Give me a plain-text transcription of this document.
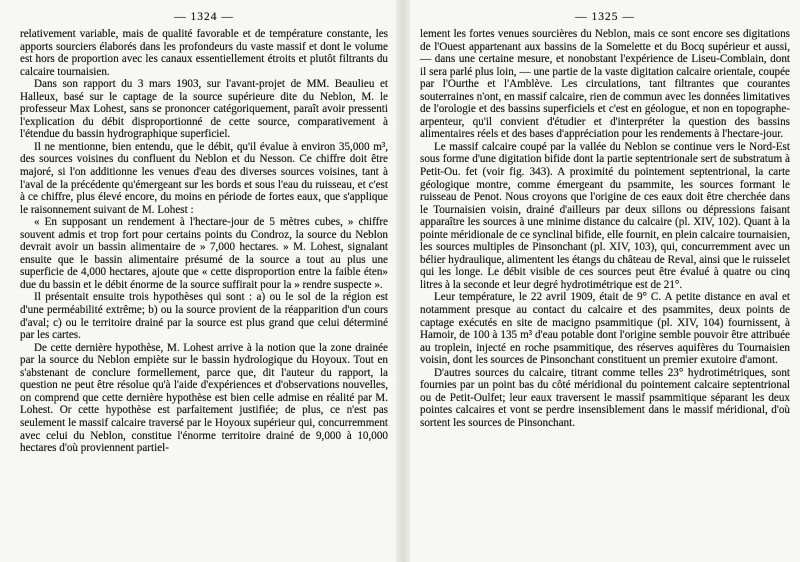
— 1324 —

relativement variable, mais de qualité favorable et de température constante, les apports sourciers élaborés dans les profondeurs du vaste massif et dont le volume est hors de proportion avec les canaux essentiellement étroits et plutôt filtrants du calcaire tournaisien.

Dans son rapport du 3 mars 1903, sur l'avant-projet de MM. Beaulieu et Halleux, basé sur le captage de la source supérieure dite du Neblon, M. le professeur Max Lohest, sans se prononcer catégoriquement, paraît avoir pressenti l'explication du débit disproportionné de cette source, comparativement à l'étendue du bassin hydrographique superficiel.

Il ne mentionne, bien entendu, que le débit, qu'il évalue à environ 35,000 m³, des sources voisines du confluent du Neblon et du Nesson. Ce chiffre doit être majoré, si l'on additionne les venues d'eau des diverses sources voisines, tant à l'aval de la précédente qu'émergeant sur les bords et sous l'eau du ruisseau, et c'est à ce chiffre, plus élevé encore, du moins en période de fortes eaux, que s'applique le raisonnement suivant de M. Lohest :

« En supposant un rendement à l'hectare-jour de 5 mètres cubes, » chiffre souvent admis et trop fort pour certains points du Condroz, la source du Neblon devrait avoir un bassin alimentaire de » 7,000 hectares. » M. Lohest, signalant ensuite que le bassin alimentaire présumé de la source a tout au plus une superficie de 4,000 hectares, ajoute que « cette disproportion entre la faible éten» due du bassin et le débit énorme de la source suffirait pour la » rendre suspecte ».

Il présentait ensuite trois hypothèses qui sont : a) ou le sol de la région est d'une perméabilité extrême; b) ou la source provient de la réapparition d'un cours d'aval; c) ou le territoire drainé par la source est plus grand que celui déterminé par les cartes.

De cette dernière hypothèse, M. Lohest arrive à la notion que la zone drainée par la source du Neblon empiète sur le bassin hydrologique du Hoyoux. Tout en s'abstenant de conclure formellement, parce que, dit l'auteur du rapport, la question ne peut être résolue qu'à l'aide d'expériences et d'observations nouvelles, on comprend que cette dernière hypothèse est bien celle admise en réalité par M. Lohest. Or cette hypothèse est parfaitement justifiée; de plus, ce n'est pas seulement le massif calcaire traversé par le Hoyoux supérieur qui, concurremment avec celui du Neblon, constitue l'énorme territoire drainé de 9,000 à 10,000 hectares d'où proviennent partiel-

— 1325 —

lement les fortes venues sourcières du Neblon, mais ce sont encore ses digitations de l'Ouest appartenant aux bassins de la Somelette et du Bocq supérieur et aussi, — dans une certaine mesure, et nonobstant l'expérience de Liseu-Comblain, dont il sera parlé plus loin, — une partie de la vaste digitation calcaire orientale, coupée par l'Ourthe et l'Amblève. Les circulations, tant filtrantes que courantes souterraines n'ont, en massif calcaire, rien de commun avec les données limitatives de l'orologie et des bassins superficiels et c'est en géologue, et non en topographe-arpenteur, qu'il convient d'étudier et d'interpréter la question des bassins alimentaires réels et des bases d'appréciation pour les rendements à l'hectare-jour.

Le massif calcaire coupé par la vallée du Neblon se continue vers le Nord-Est sous forme d'une digitation bifide dont la partie septentrionale sert de substratum à Petit-Ou. fet (voir fig. 343). A proximité du pointement septentrional, la carte géologique montre, comme émergeant du psammite, les sources formant le ruisseau de Penot. Nous croyons que l'origine de ces eaux doit être cherchée dans le Tournaisien voisin, drainé d'ailleurs par deux sillons ou dépressions faisant apparaître les sources à une minime distance du calcaire (pl. XIV, 102). Quant à la pointe méridionale de ce synclinal bifide, elle fournit, en plein calcaire tournaisien, les sources multiples de Pinsonchant (pl. XIV, 103), qui, concurremment avec un bélier hydraulique, alimentent les étangs du château de Reval, ainsi que le ruisselet qui les longe. Le débit visible de ces sources peut être évalué à quatre ou cinq litres à la seconde et leur degré hydrotimétrique est de 21°.

Leur température, le 22 avril 1909, était de 9° C. A petite distance en aval et notamment presque au contact du calcaire et des psammites, deux points de captage exécutés en site de macigno psammitique (pl. XIV, 104) fournissent, à Hamoir, de 100 à 135 m³ d'eau potable dont l'origine semble pouvoir être attribuée au troplein, injecté en roche psammitique, des réserves aquifères du Tournaisien voisin, dont les sources de Pinsonchant constituent un premier exutoire d'amont.

D'autres sources du calcaire, titrant comme telles 23° hydrotimétriques, sont fournies par un point bas du côté méridional du pointement calcaire septentrional ou de Petit-Oulfet; leur eaux traversent le massif psammitique séparant les deux pointes calcaires et vont se perdre insensiblement dans le massif méridional, d'où sortent les sources de Pinsonchant.
